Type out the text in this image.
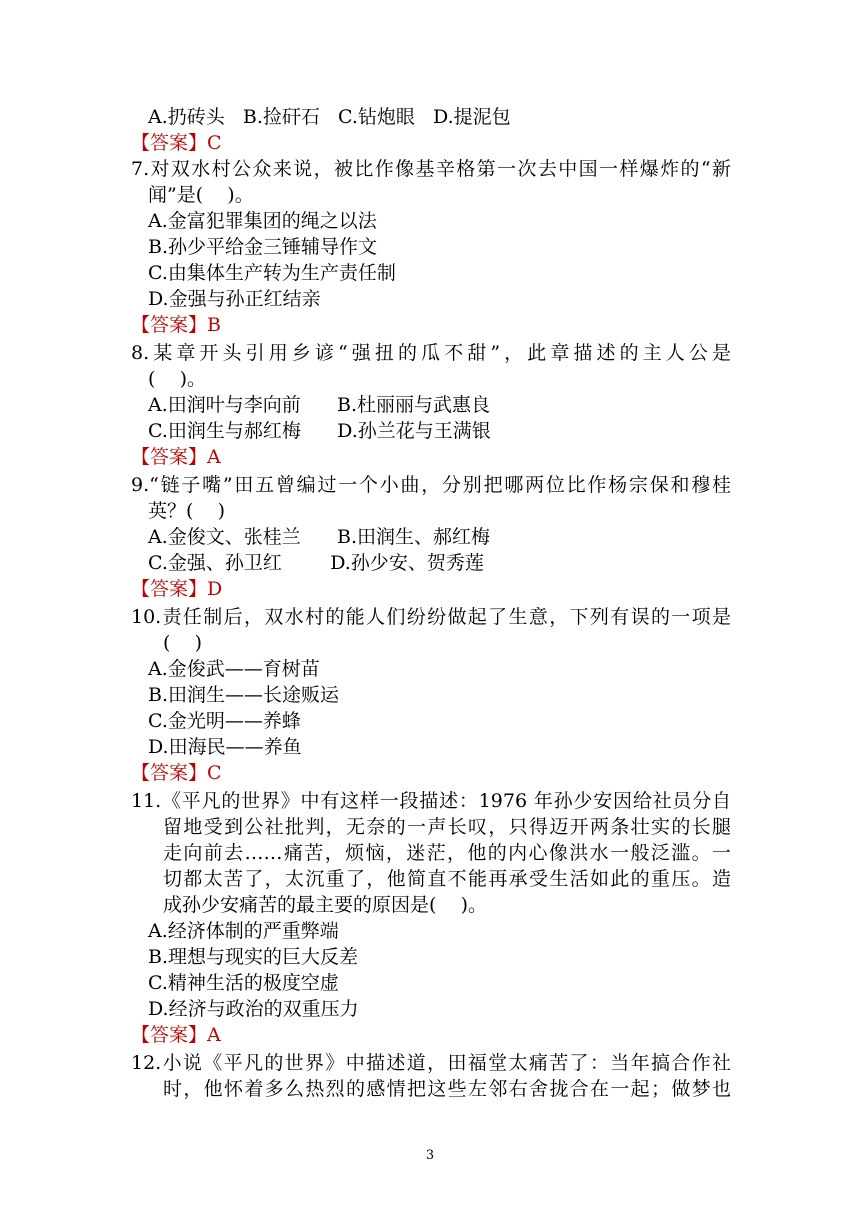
A.扔砖头   B.捡矸石   C.钻炮眼   D.提泥包
【答案】C
7.对双水村公众来说，被比作像基辛格第一次去中国一样爆炸的“新
闻”是(    )。
A.金富犯罪集团的绳之以法
B.孙少平给金三锤辅导作文
C.由集体生产转为生产责任制
D.金强与孙正红结亲
【答案】B
8.某章开头引用乡谚“强扭的瓜不甜”，此章描述的主人公是
(    )。
A.田润叶与李向前      B.杜丽丽与武惠良
C.田润生与郝红梅      D.孙兰花与王满银
【答案】A
9.“链子嘴”田五曾编过一个小曲，分别把哪两位比作杨宗保和穆桂
英？(    )
A.金俊文、张桂兰      B.田润生、郝红梅
C.金强、孙卫红        D.孙少安、贺秀莲
【答案】D
10.责任制后，双水村的能人们纷纷做起了生意，下列有误的一项是
(    )
A.金俊武——育树苗
B.田润生——长途贩运
C.金光明——养蜂
D.田海民——养鱼
【答案】C
11.《平凡的世界》中有这样一段描述：1976 年孙少安因给社员分自
留地受到公社批判，无奈的一声长叹，只得迈开两条壮实的长腿
走向前去……痛苦，烦恼，迷茫，他的内心像洪水一般泛滥。一
切都太苦了，太沉重了，他简直不能再承受生活如此的重压。造
成孙少安痛苦的最主要的原因是(    )。
A.经济体制的严重弊端
B.理想与现实的巨大反差
C.精神生活的极度空虚
D.经济与政治的双重压力
【答案】A
12.小说《平凡的世界》中描述道，田福堂太痛苦了：当年搞合作社
时，他怀着多么热烈的感情把这些左邻右舍拢合在一起；做梦也
3
